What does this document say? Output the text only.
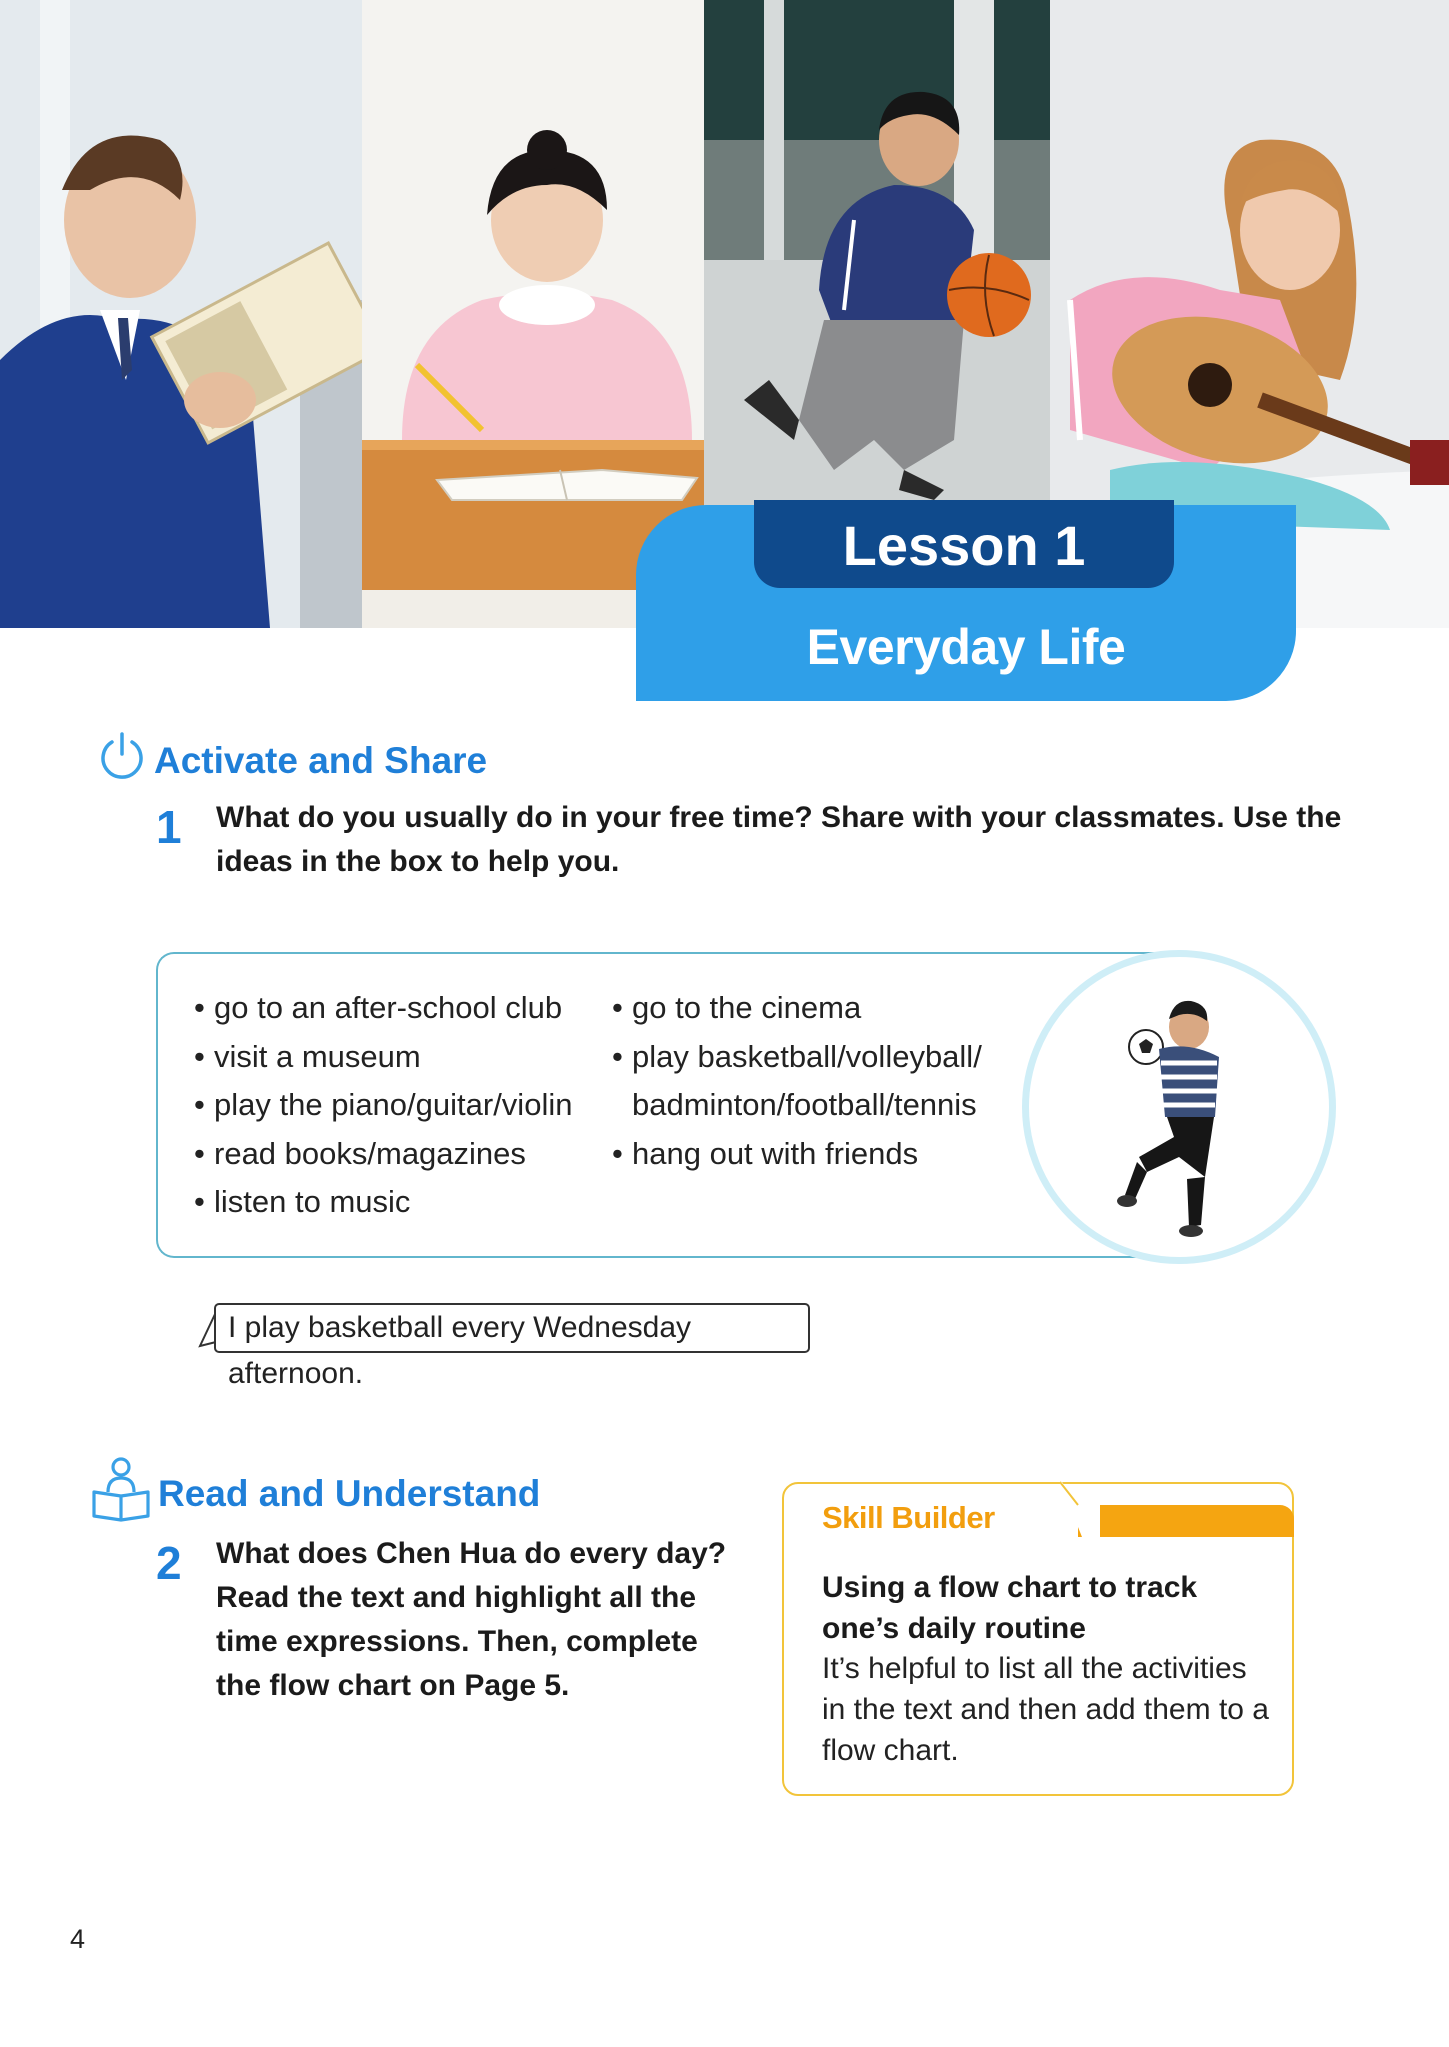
Lesson 1
Everyday Life
Activate and Share
1 What do you usually do in your free time? Share with your classmates. Use the
ideas in the box to help you.
• go to an after-school club
• visit a museum
• play the piano/guitar/violin
• read books/magazines
• listen to music
• go to the cinema
• play basketball/volleyball/
badminton/football/tennis
• hang out with friends
I play basketball every Wednesday afternoon.
Read and Understand
2 What does Chen Hua do every day?
Read the text and highlight all the
time expressions. Then, complete
the flow chart on Page 5.
Skill Builder
Using a flow chart to track
one’s daily routine
It’s helpful to list all the activities
in the text and then add them to a
flow chart.
4
